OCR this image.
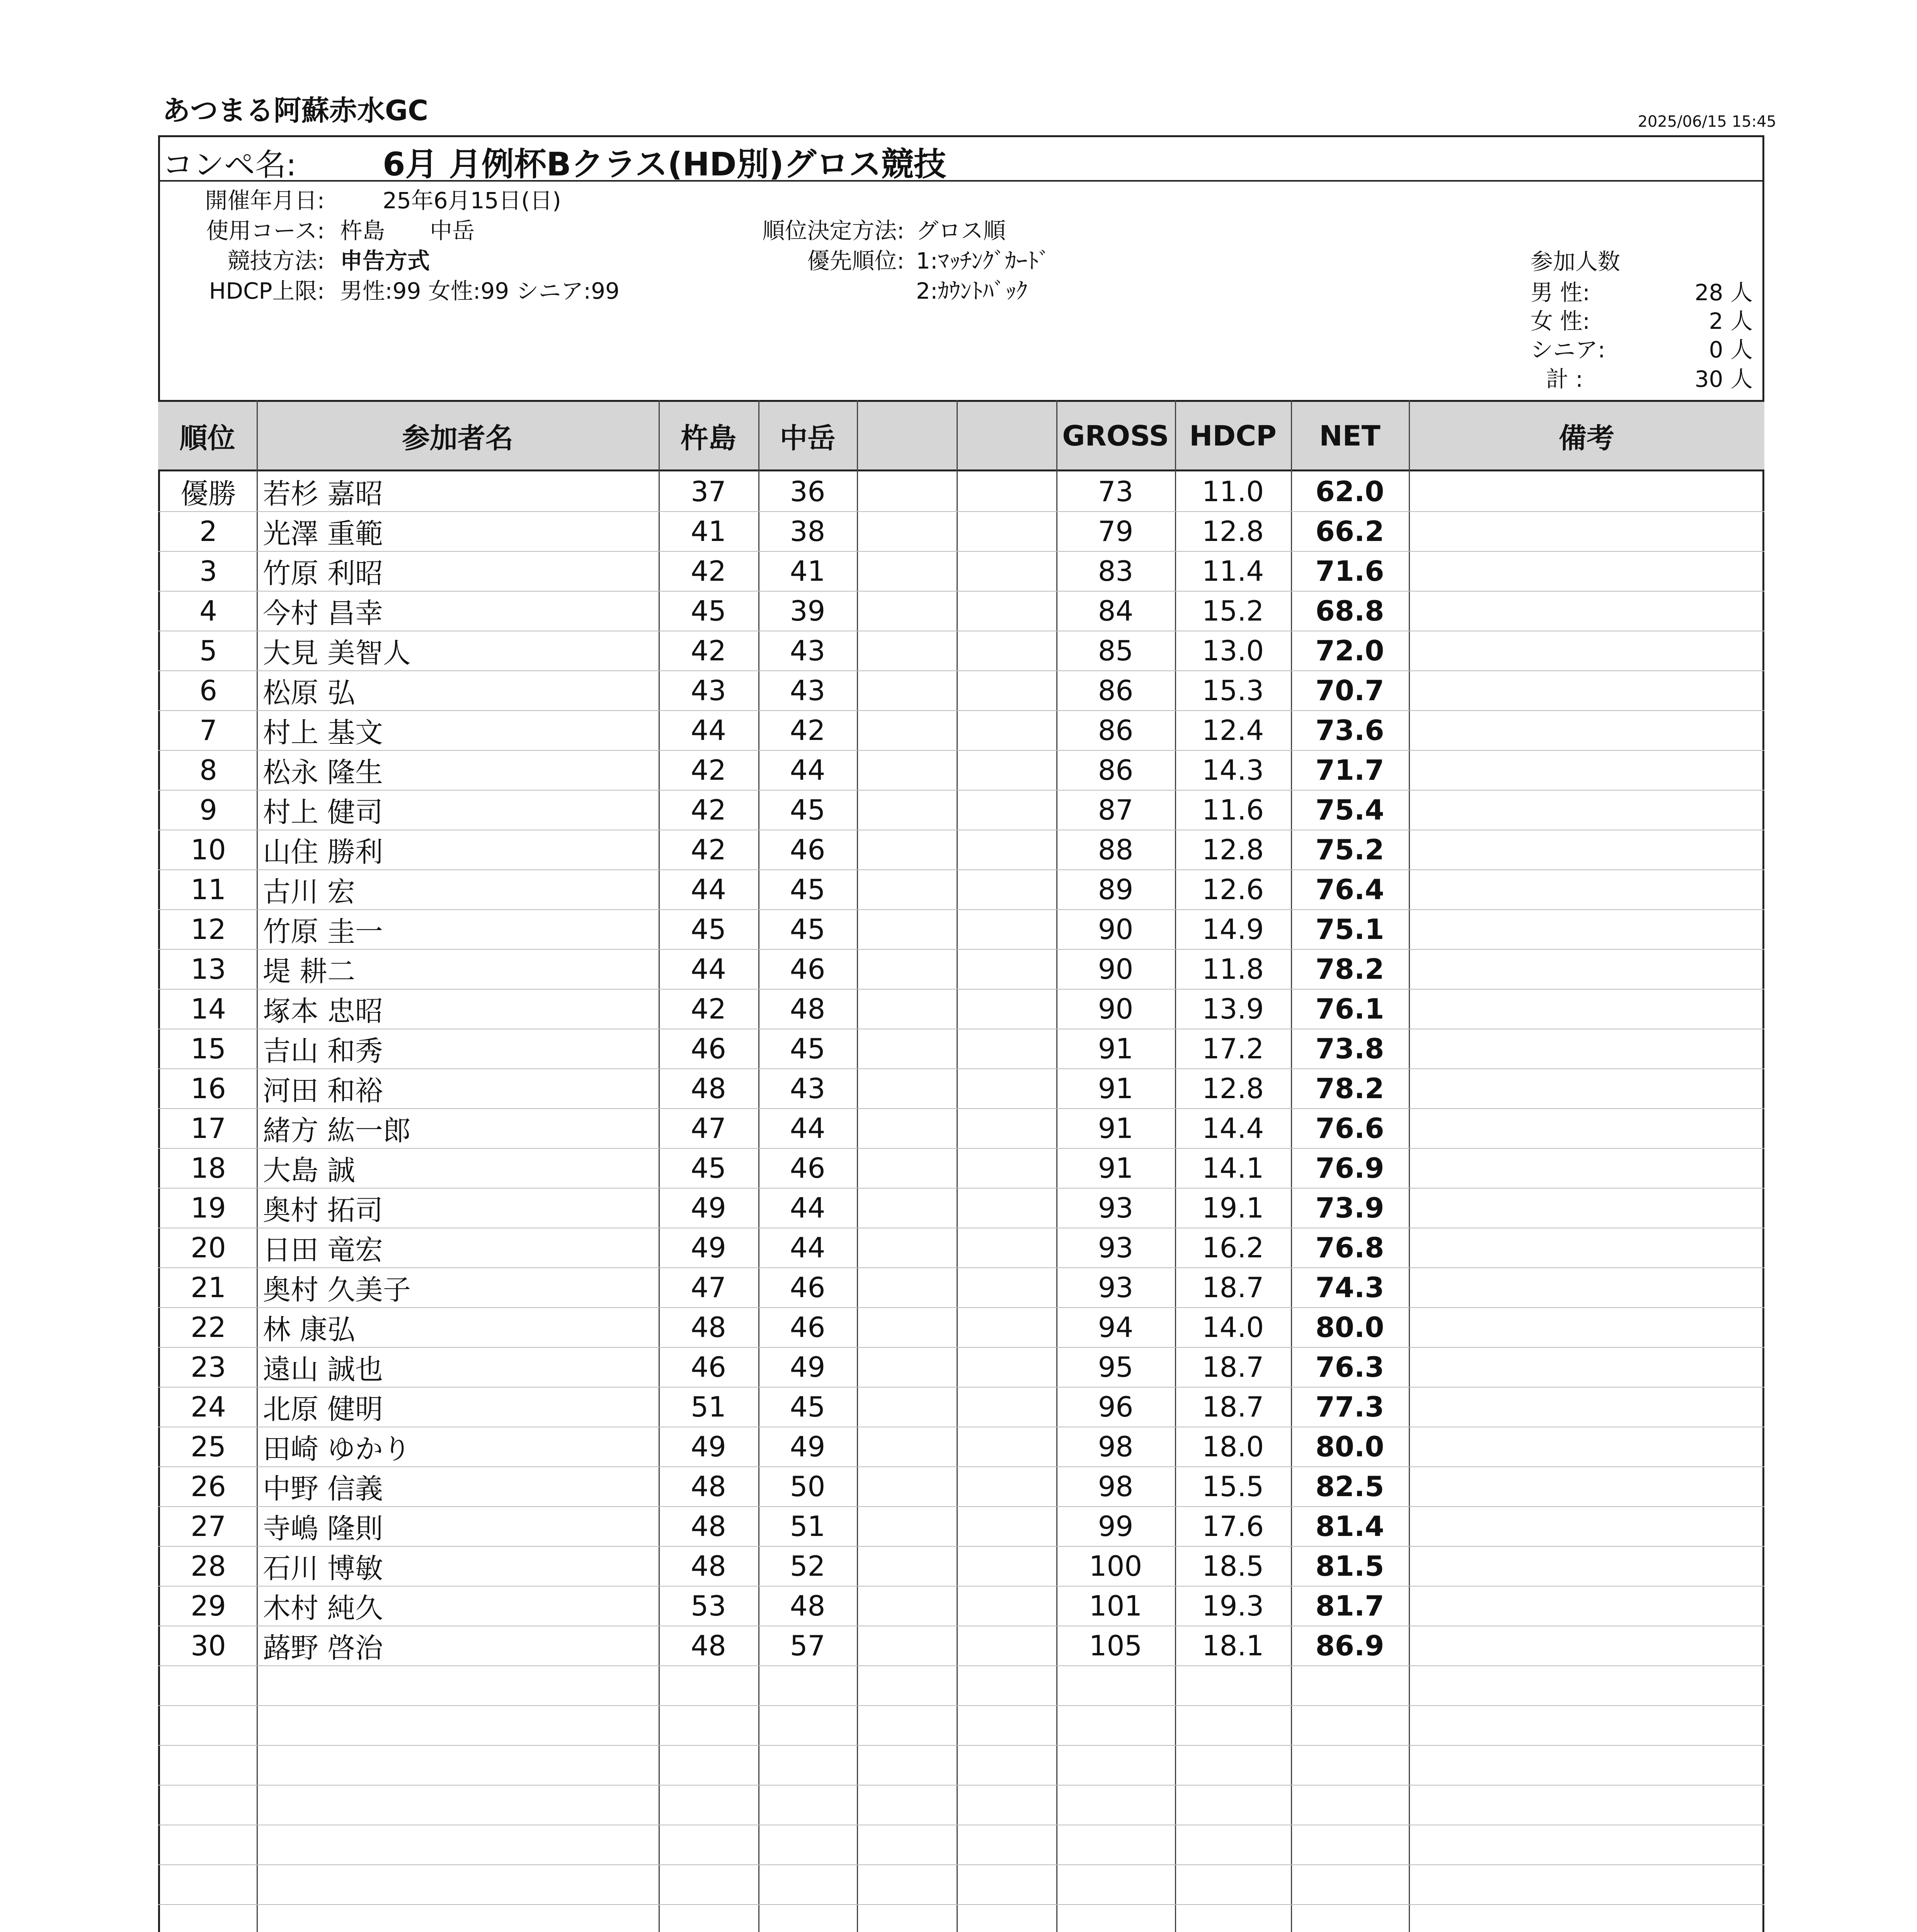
あつまる阿蘇赤水GC	2025/06/15 15:45
コンペ名:	6月 月例杯Bクラス(HD別)グロス競技
開催年月日:	25年6月15日(日)
使用コース: 杵島　　中岳
競技方法: 申告方式
HDCP上限: 男性:99 女性:99 シニア:99
順位決定方法: グロス順
優先順位: 1:ﾏｯﾁﾝｸﾞｶｰﾄﾞ
2:ｶｳﾝﾄﾊﾞｯｸ
参加人数
男 性:	28 人
女 性:	2 人
シニア:	0 人
計 :	30 人
順位	参加者名	杵島	中岳	GROSS HDCP	NET	備考
優勝 若杉 嘉昭	37	36	73	11.0	62.0
2	光澤 重範	41	38	79	12.8	66.2
3	竹原 利昭	42	41	83	11.4	71.6
4	今村 昌幸	45	39	84	15.2	68.8
5	大見 美智人	42	43	85	13.0	72.0
6	松原 弘	43	43	86	15.3	70.7
7	村上 基文	44	42	86	12.4	73.6
8	松永 隆生	42	44	86	14.3	71.7
9	村上 健司	42	45	87	11.6	75.4
10	山住 勝利	42	46	88	12.8	75.2
11	古川 宏	44	45	89	12.6	76.4
12	竹原 圭一	45	45	90	14.9	75.1
13	堤 耕二	44	46	90	11.8	78.2
14	塚本 忠昭	42	48	90	13.9	76.1
15	吉山 和秀	46	45	91	17.2	73.8
16	河田 和裕	48	43	91	12.8	78.2
17	緒方 紘一郎	47	44	91	14.4	76.6
18	大島 誠	45	46	91	14.1	76.9
19	奥村 拓司	49	44	93	19.1	73.9
20	日田 竜宏	49	44	93	16.2	76.8
21	奥村 久美子	47	46	93	18.7	74.3
22	林 康弘	48	46	94	14.0	80.0
23	遠山 誠也	46	49	95	18.7	76.3
24	北原 健明	51	45	96	18.7	77.3
25	田崎 ゆかり	49	49	98	18.0	80.0
26	中野 信義	48	50	98	15.5	82.5
27	寺嶋 隆則	48	51	99	17.6	81.4
28	石川 博敏	48	52	100	18.5	81.5
29	木村 純久	53	48	101	19.3	81.7
30	蕗野 啓治	48	57	105	18.1	86.9
